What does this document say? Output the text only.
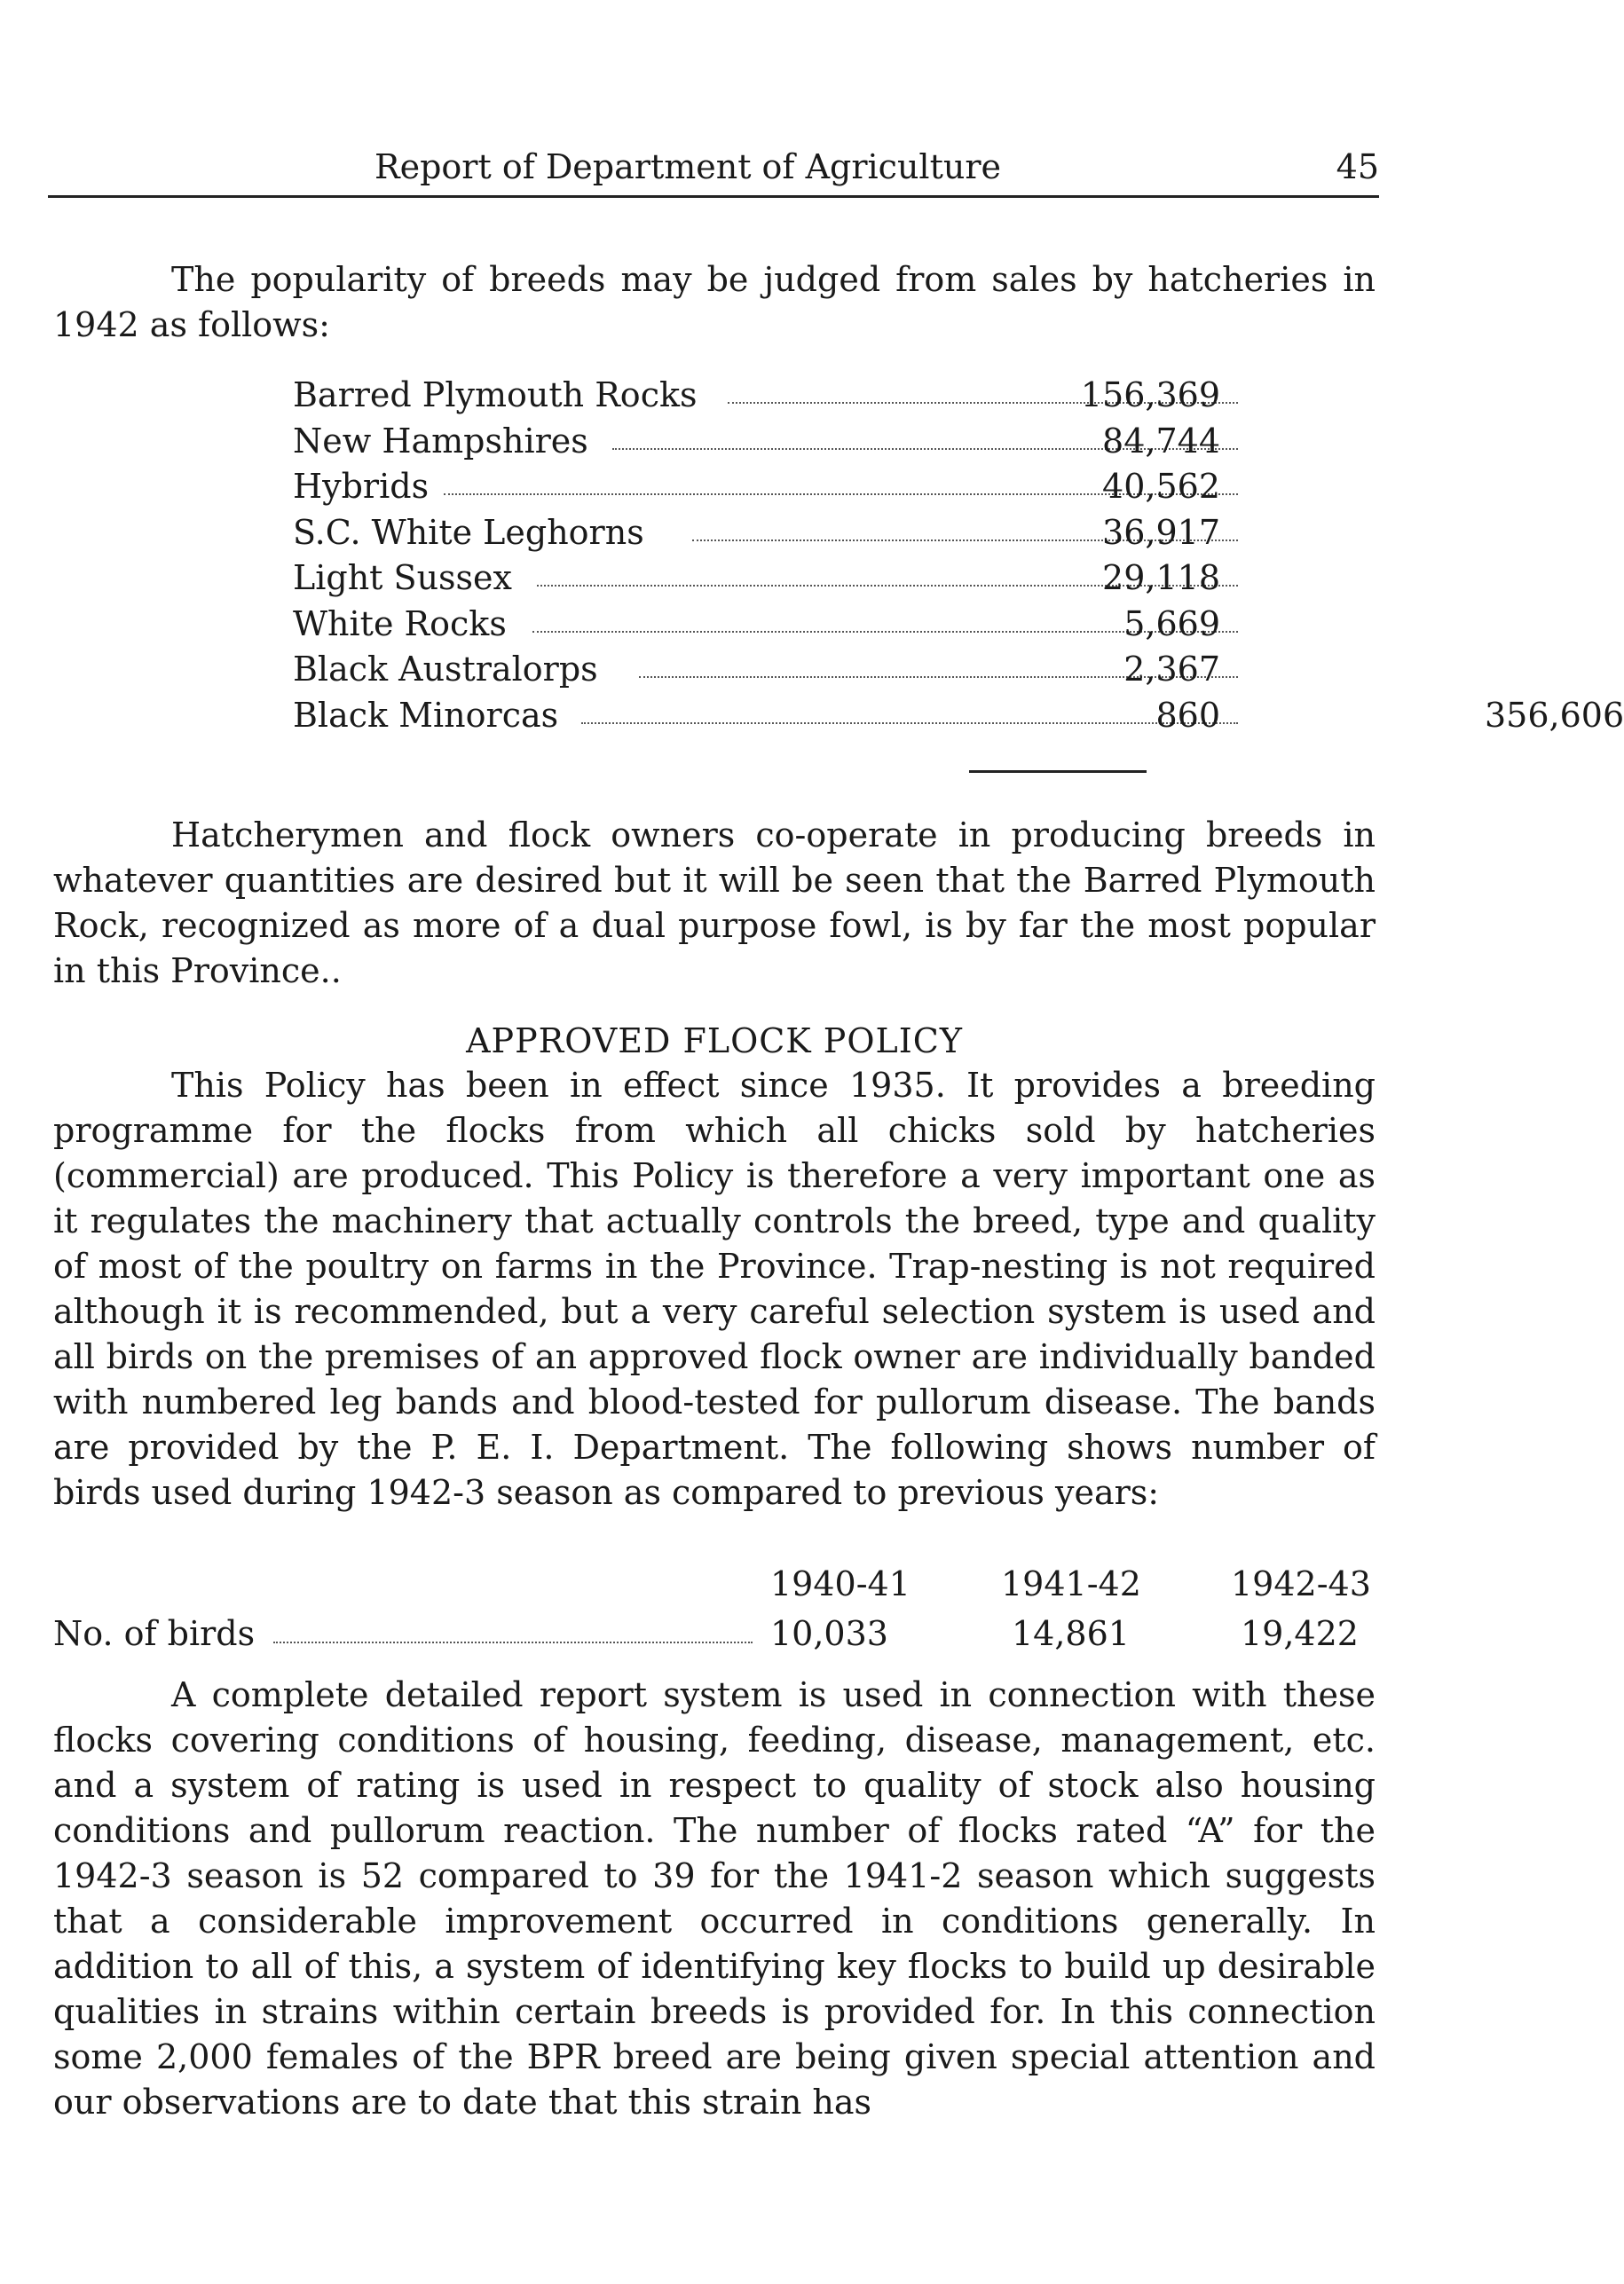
Report of Department of Agriculture	45

The popularity of breeds may be judged from sales by hatcheries in 1942 as follows:

Barred Plymouth Rocks	156,369
New Hampshires	84,744
Hybrids	40,562
S.C. White Leghorns	36,917
Light Sussex	29,118
White Rocks	5,669
Black Australorps	2,367
Black Minorcas	860	356,606

Hatcherymen and flock owners co-operate in producing breeds in whatever quantities are desired but it will be seen that the Barred Plymouth Rock, recognized as more of a dual purpose fowl, is by far the most popular in this Province..

APPROVED FLOCK POLICY

This Policy has been in effect since 1935. It provides a breeding programme for the flocks from which all chicks sold by hatcheries (commercial) are produced. This Policy is therefore a very important one as it regulates the machinery that actually controls the breed, type and quality of most of the poultry on farms in the Province. Trap-nesting is not required although it is recommended, but a very careful selection system is used and all birds on the premises of an approved flock owner are individually banded with numbered leg bands and blood-tested for pullorum disease. The bands are provided by the P. E. I. Department. The following shows number of birds used during 1942-3 season as compared to previous years:

1940-41	1941-42	1942-43
No. of birds	10,033	14,861	19,422

A complete detailed report system is used in connection with these flocks covering conditions of housing, feeding, disease, management, etc. and a system of rating is used in respect to quality of stock also housing conditions and pullorum reaction. The number of flocks rated “A” for the 1942-3 season is 52 compared to 39 for the 1941-2 season which suggests that a considerable improvement occurred in conditions generally. In addition to all of this, a system of identifying key flocks to build up desirable qualities in strains within certain breeds is provided for. In this connection some 2,000 females of the BPR breed are being given special attention and our observations are to date that this strain has
